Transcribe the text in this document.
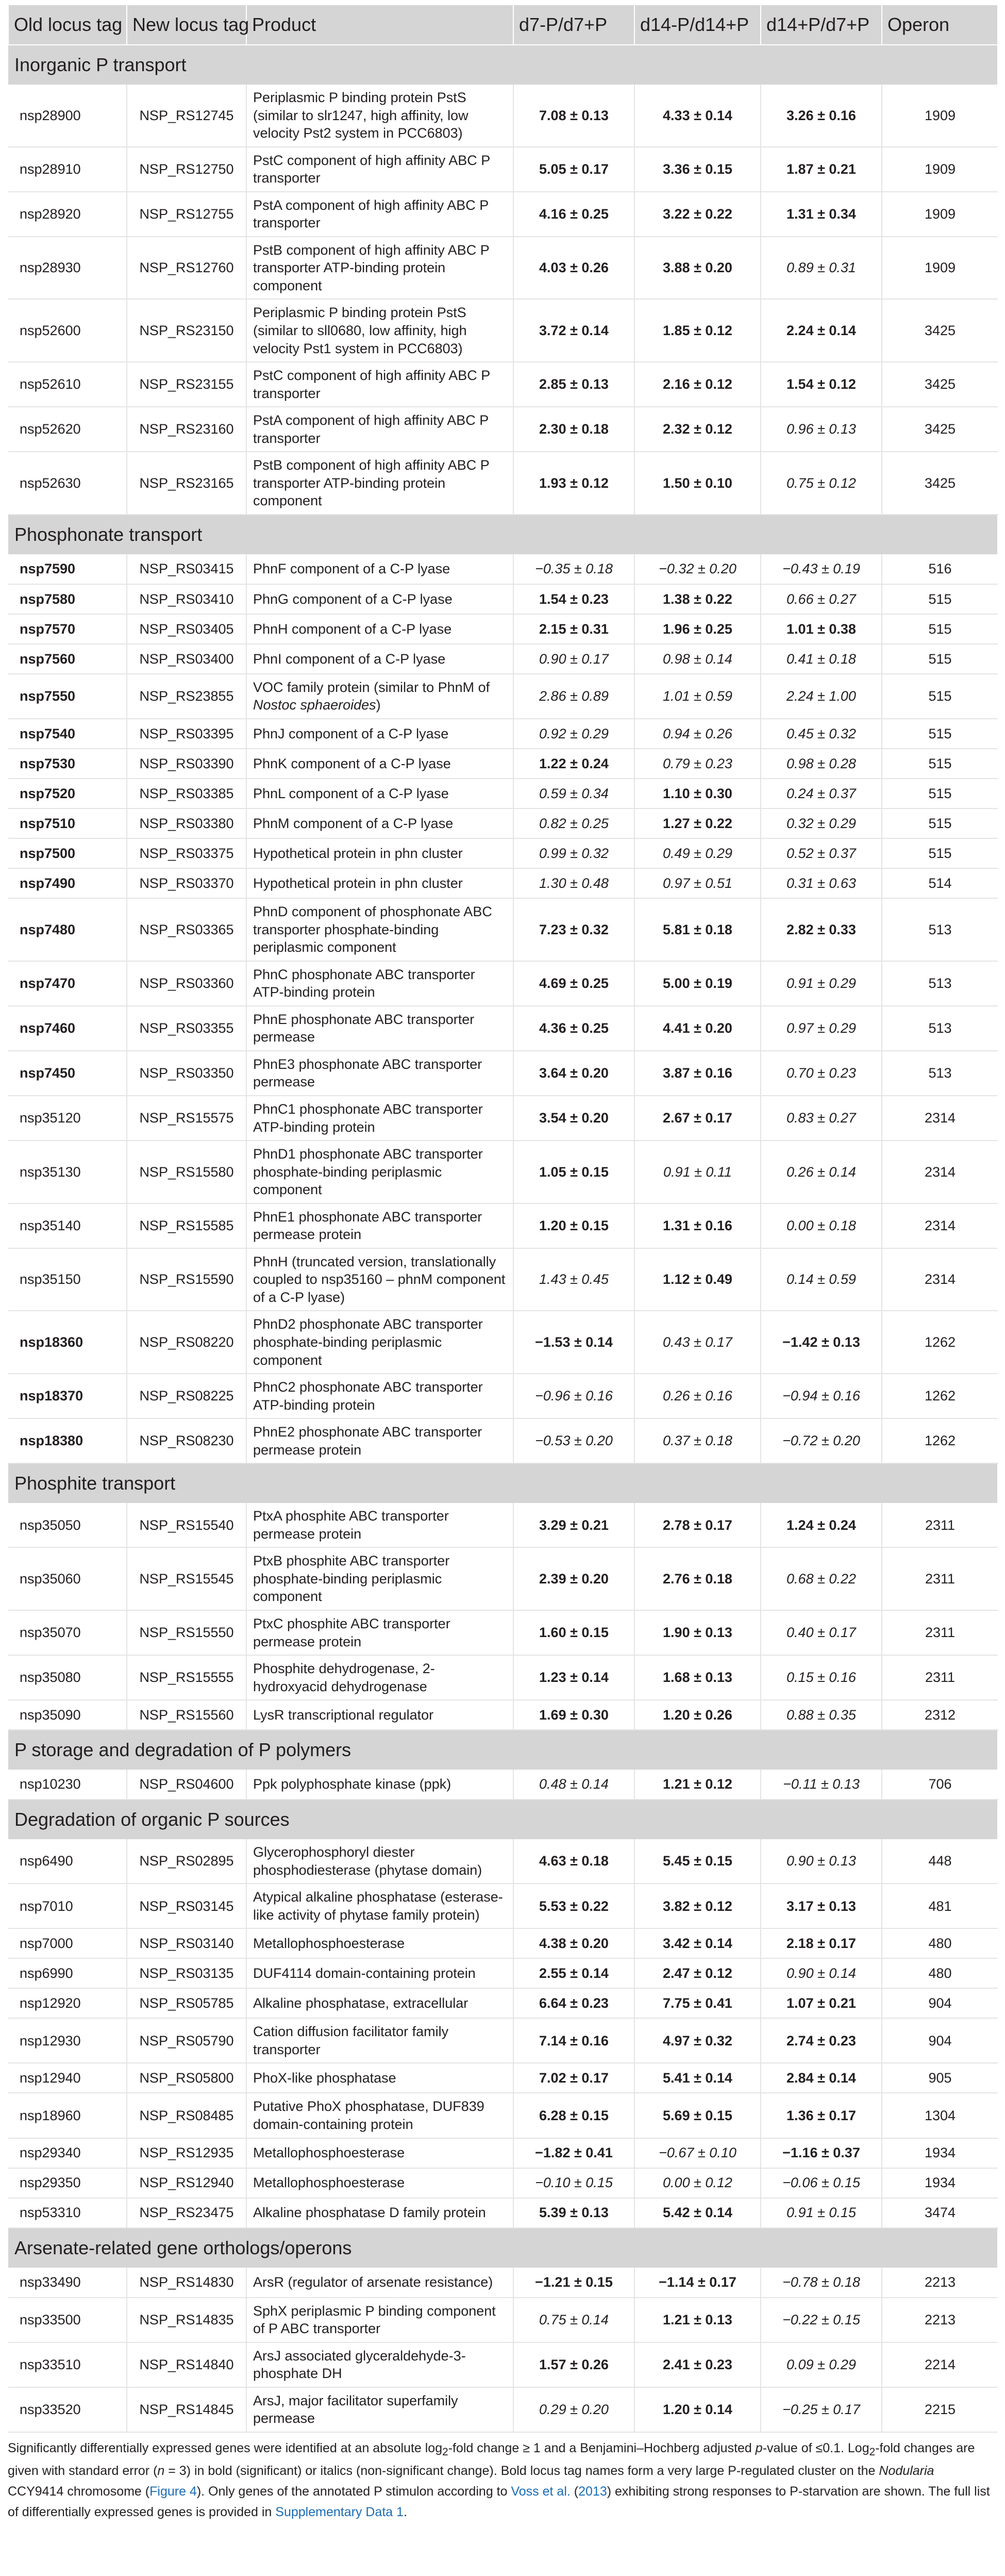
Old locus tag	New locus tag	Product	d7-P/d7+P	d14-P/d14+P	d14+P/d7+P	Operon
Inorganic P transport						
nsp28900	NSP_RS12745	Periplasmic P binding protein PstS (similar to slr1247, high affinity, low velocity Pst2 system in PCC6803)	7.08 ± 0.13	4.33 ± 0.14	3.26 ± 0.16	1909
nsp28910	NSP_RS12750	PstC component of high affinity ABC P transporter	5.05 ± 0.17	3.36 ± 0.15	1.87 ± 0.21	1909
nsp28920	NSP_RS12755	PstA component of high affinity ABC P transporter	4.16 ± 0.25	3.22 ± 0.22	1.31 ± 0.34	1909
nsp28930	NSP_RS12760	PstB component of high affinity ABC P transporter ATP-binding protein component	4.03 ± 0.26	3.88 ± 0.20	0.89 ± 0.31	1909
nsp52600	NSP_RS23150	Periplasmic P binding protein PstS (similar to sll0680, low affinity, high velocity Pst1 system in PCC6803)	3.72 ± 0.14	1.85 ± 0.12	2.24 ± 0.14	3425
nsp52610	NSP_RS23155	PstC component of high affinity ABC P transporter	2.85 ± 0.13	2.16 ± 0.12	1.54 ± 0.12	3425
nsp52620	NSP_RS23160	PstA component of high affinity ABC P transporter	2.30 ± 0.18	2.32 ± 0.12	0.96 ± 0.13	3425
nsp52630	NSP_RS23165	PstB component of high affinity ABC P transporter ATP-binding protein component	1.93 ± 0.12	1.50 ± 0.10	0.75 ± 0.12	3425
Phosphonate transport						
nsp7590	NSP_RS03415	PhnF component of a C-P lyase	−0.35 ± 0.18	−0.32 ± 0.20	−0.43 ± 0.19	516
nsp7580	NSP_RS03410	PhnG component of a C-P lyase	1.54 ± 0.23	1.38 ± 0.22	0.66 ± 0.27	515
nsp7570	NSP_RS03405	PhnH component of a C-P lyase	2.15 ± 0.31	1.96 ± 0.25	1.01 ± 0.38	515
nsp7560	NSP_RS03400	PhnI component of a C-P lyase	0.90 ± 0.17	0.98 ± 0.14	0.41 ± 0.18	515
nsp7550	NSP_RS23855	VOC family protein (similar to PhnM of Nostoc sphaeroides)	2.86 ± 0.89	1.01 ± 0.59	2.24 ± 1.00	515
nsp7540	NSP_RS03395	PhnJ component of a C-P lyase	0.92 ± 0.29	0.94 ± 0.26	0.45 ± 0.32	515
nsp7530	NSP_RS03390	PhnK component of a C-P lyase	1.22 ± 0.24	0.79 ± 0.23	0.98 ± 0.28	515
nsp7520	NSP_RS03385	PhnL component of a C-P lyase	0.59 ± 0.34	1.10 ± 0.30	0.24 ± 0.37	515
nsp7510	NSP_RS03380	PhnM component of a C-P lyase	0.82 ± 0.25	1.27 ± 0.22	0.32 ± 0.29	515
nsp7500	NSP_RS03375	Hypothetical protein in phn cluster	0.99 ± 0.32	0.49 ± 0.29	0.52 ± 0.37	515
nsp7490	NSP_RS03370	Hypothetical protein in phn cluster	1.30 ± 0.48	0.97 ± 0.51	0.31 ± 0.63	514
nsp7480	NSP_RS03365	PhnD component of phosphonate ABC transporter phosphate-binding periplasmic component	7.23 ± 0.32	5.81 ± 0.18	2.82 ± 0.33	513
nsp7470	NSP_RS03360	PhnC phosphonate ABC transporter ATP-binding protein	4.69 ± 0.25	5.00 ± 0.19	0.91 ± 0.29	513
nsp7460	NSP_RS03355	PhnE phosphonate ABC transporter permease	4.36 ± 0.25	4.41 ± 0.20	0.97 ± 0.29	513
nsp7450	NSP_RS03350	PhnE3 phosphonate ABC transporter permease	3.64 ± 0.20	3.87 ± 0.16	0.70 ± 0.23	513
nsp35120	NSP_RS15575	PhnC1 phosphonate ABC transporter ATP-binding protein	3.54 ± 0.20	2.67 ± 0.17	0.83 ± 0.27	2314
nsp35130	NSP_RS15580	PhnD1 phosphonate ABC transporter phosphate-binding periplasmic component	1.05 ± 0.15	0.91 ± 0.11	0.26 ± 0.14	2314
nsp35140	NSP_RS15585	PhnE1 phosphonate ABC transporter permease protein	1.20 ± 0.15	1.31 ± 0.16	0.00 ± 0.18	2314
nsp35150	NSP_RS15590	PhnH (truncated version, translationally coupled to nsp35160 – phnM component of a C-P lyase)	1.43 ± 0.45	1.12 ± 0.49	0.14 ± 0.59	2314
nsp18360	NSP_RS08220	PhnD2 phosphonate ABC transporter phosphate-binding periplasmic component	−1.53 ± 0.14	0.43 ± 0.17	−1.42 ± 0.13	1262
nsp18370	NSP_RS08225	PhnC2 phosphonate ABC transporter ATP-binding protein	−0.96 ± 0.16	0.26 ± 0.16	−0.94 ± 0.16	1262
nsp18380	NSP_RS08230	PhnE2 phosphonate ABC transporter permease protein	−0.53 ± 0.20	0.37 ± 0.18	−0.72 ± 0.20	1262
Phosphite transport						
nsp35050	NSP_RS15540	PtxA phosphite ABC transporter permease protein	3.29 ± 0.21	2.78 ± 0.17	1.24 ± 0.24	2311
nsp35060	NSP_RS15545	PtxB phosphite ABC transporter phosphate-binding periplasmic component	2.39 ± 0.20	2.76 ± 0.18	0.68 ± 0.22	2311
nsp35070	NSP_RS15550	PtxC phosphite ABC transporter permease protein	1.60 ± 0.15	1.90 ± 0.13	0.40 ± 0.17	2311
nsp35080	NSP_RS15555	Phosphite dehydrogenase, 2-hydroxyacid dehydrogenase	1.23 ± 0.14	1.68 ± 0.13	0.15 ± 0.16	2311
nsp35090	NSP_RS15560	LysR transcriptional regulator	1.69 ± 0.30	1.20 ± 0.26	0.88 ± 0.35	2312
P storage and degradation of P polymers						
nsp10230	NSP_RS04600	Ppk polyphosphate kinase (ppk)	0.48 ± 0.14	1.21 ± 0.12	−0.11 ± 0.13	706
Degradation of organic P sources						
nsp6490	NSP_RS02895	Glycerophosphoryl diester phosphodiesterase (phytase domain)	4.63 ± 0.18	5.45 ± 0.15	0.90 ± 0.13	448
nsp7010	NSP_RS03145	Atypical alkaline phosphatase (esterase-like activity of phytase family protein)	5.53 ± 0.22	3.82 ± 0.12	3.17 ± 0.13	481
nsp7000	NSP_RS03140	Metallophosphoesterase	4.38 ± 0.20	3.42 ± 0.14	2.18 ± 0.17	480
nsp6990	NSP_RS03135	DUF4114 domain-containing protein	2.55 ± 0.14	2.47 ± 0.12	0.90 ± 0.14	480
nsp12920	NSP_RS05785	Alkaline phosphatase, extracellular	6.64 ± 0.23	7.75 ± 0.41	1.07 ± 0.21	904
nsp12930	NSP_RS05790	Cation diffusion facilitator family transporter	7.14 ± 0.16	4.97 ± 0.32	2.74 ± 0.23	904
nsp12940	NSP_RS05800	PhoX-like phosphatase	7.02 ± 0.17	5.41 ± 0.14	2.84 ± 0.14	905
nsp18960	NSP_RS08485	Putative PhoX phosphatase, DUF839 domain-containing protein	6.28 ± 0.15	5.69 ± 0.15	1.36 ± 0.17	1304
nsp29340	NSP_RS12935	Metallophosphoesterase	−1.82 ± 0.41	−0.67 ± 0.10	−1.16 ± 0.37	1934
nsp29350	NSP_RS12940	Metallophosphoesterase	−0.10 ± 0.15	0.00 ± 0.12	−0.06 ± 0.15	1934
nsp53310	NSP_RS23475	Alkaline phosphatase D family protein	5.39 ± 0.13	5.42 ± 0.14	0.91 ± 0.15	3474
Arsenate-related gene orthologs/operons						
nsp33490	NSP_RS14830	ArsR (regulator of arsenate resistance)	−1.21 ± 0.15	−1.14 ± 0.17	−0.78 ± 0.18	2213
nsp33500	NSP_RS14835	SphX periplasmic P binding component of P ABC transporter	0.75 ± 0.14	1.21 ± 0.13	−0.22 ± 0.15	2213
nsp33510	NSP_RS14840	ArsJ associated glyceraldehyde-3-phosphate DH	1.57 ± 0.26	2.41 ± 0.23	0.09 ± 0.29	2214
nsp33520	NSP_RS14845	ArsJ, major facilitator superfamily permease	0.29 ± 0.20	1.20 ± 0.14	−0.25 ± 0.17	2215

Significantly differentially expressed genes were identified at an absolute $\log_2$-fold change ≥ 1 and a Benjamini–Hochberg adjusted p-value of ≤0.1. Log$_2$-fold changes are given with standard error (n = 3) in bold (significant) or italics (non-significant change). Bold locus tag names form a very large P-regulated cluster on the Nodularia CCY9414 chromosome (Figure 4). Only genes of the annotated P stimulon according to Voss et al. (2013) exhibiting strong responses to P-starvation are shown. The full list of differentially expressed genes is provided in Supplementary Data 1.
